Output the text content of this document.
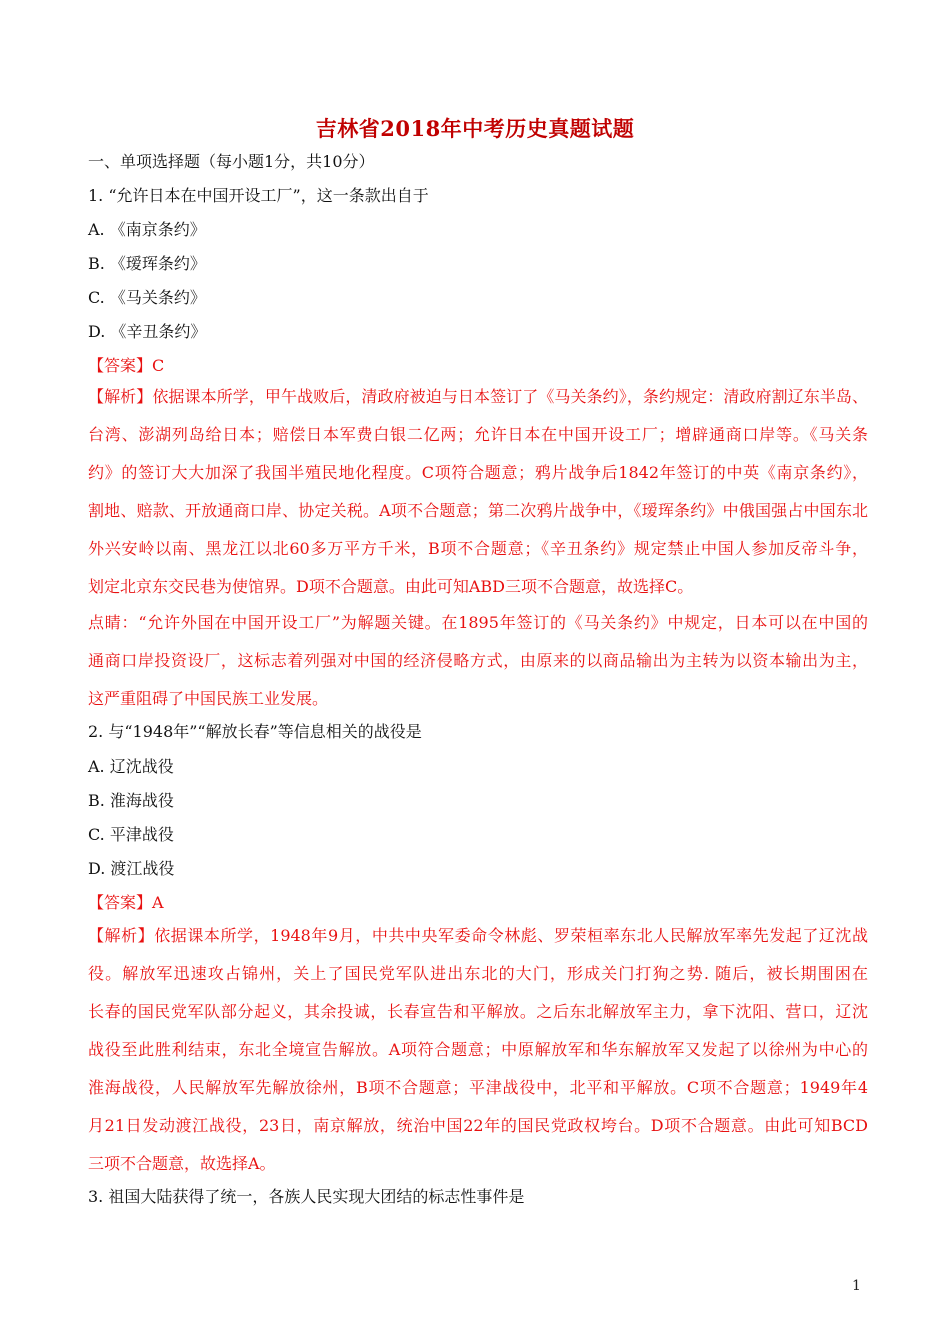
吉林省2018年中考历史真题试题
一、单项选择题（每小题1分，共10分）
1. “允许日本在中国开设工厂”，这一条款出自于
A. 《南京条约》
B. 《瑷珲条约》
C. 《马关条约》
D. 《辛丑条约》
【答案】C
【解析】依据课本所学，甲午战败后，清政府被迫与日本签订了《马关条约》，条约规定：清政府割辽东半岛、
台湾、澎湖列岛给日本；赔偿日本军费白银二亿两；允许日本在中国开设工厂；增辟通商口岸等。《马关条
约》的签订大大加深了我国半殖民地化程度。C项符合题意；鸦片战争后1842年签订的中英《南京条约》，
割地、赔款、开放通商口岸、协定关税。A项不合题意；第二次鸦片战争中，《瑷珲条约》中俄国强占中国东北
外兴安岭以南、黑龙江以北60多万平方千米，B项不合题意；《辛丑条约》规定禁止中国人参加反帝斗争，
划定北京东交民巷为使馆界。D项不合题意。由此可知ABD三项不合题意，故选择C。
点睛：“允许外国在中国开设工厂”为解题关键。在1895年签订的《马关条约》中规定，日本可以在中国的
通商口岸投资设厂，这标志着列强对中国的经济侵略方式，由原来的以商品输出为主转为以资本输出为主，
这严重阻碍了中国民族工业发展。
2. 与“1948年”“解放长春”等信息相关的战役是
A. 辽沈战役
B. 淮海战役
C. 平津战役
D. 渡江战役
【答案】A
【解析】依据课本所学，1948年9月，中共中央军委命令林彪、罗荣桓率东北人民解放军率先发起了辽沈战
役。解放军迅速攻占锦州，关上了国民党军队进出东北的大门，形成关门打狗之势. 随后，被长期围困在
长春的国民党军队部分起义，其余投诚，长春宣告和平解放。之后东北解放军主力，拿下沈阳、营口，辽沈
战役至此胜利结束，东北全境宣告解放。A项符合题意；中原解放军和华东解放军又发起了以徐州为中心的
淮海战役，人民解放军先解放徐州，B项不合题意；平津战役中，北平和平解放。C项不合题意；1949年4
月21日发动渡江战役，23日，南京解放，统治中国22年的国民党政权垮台。D项不合题意。由此可知BCD
三项不合题意，故选择A。
3. 祖国大陆获得了统一，各族人民实现大团结的标志性事件是
1
